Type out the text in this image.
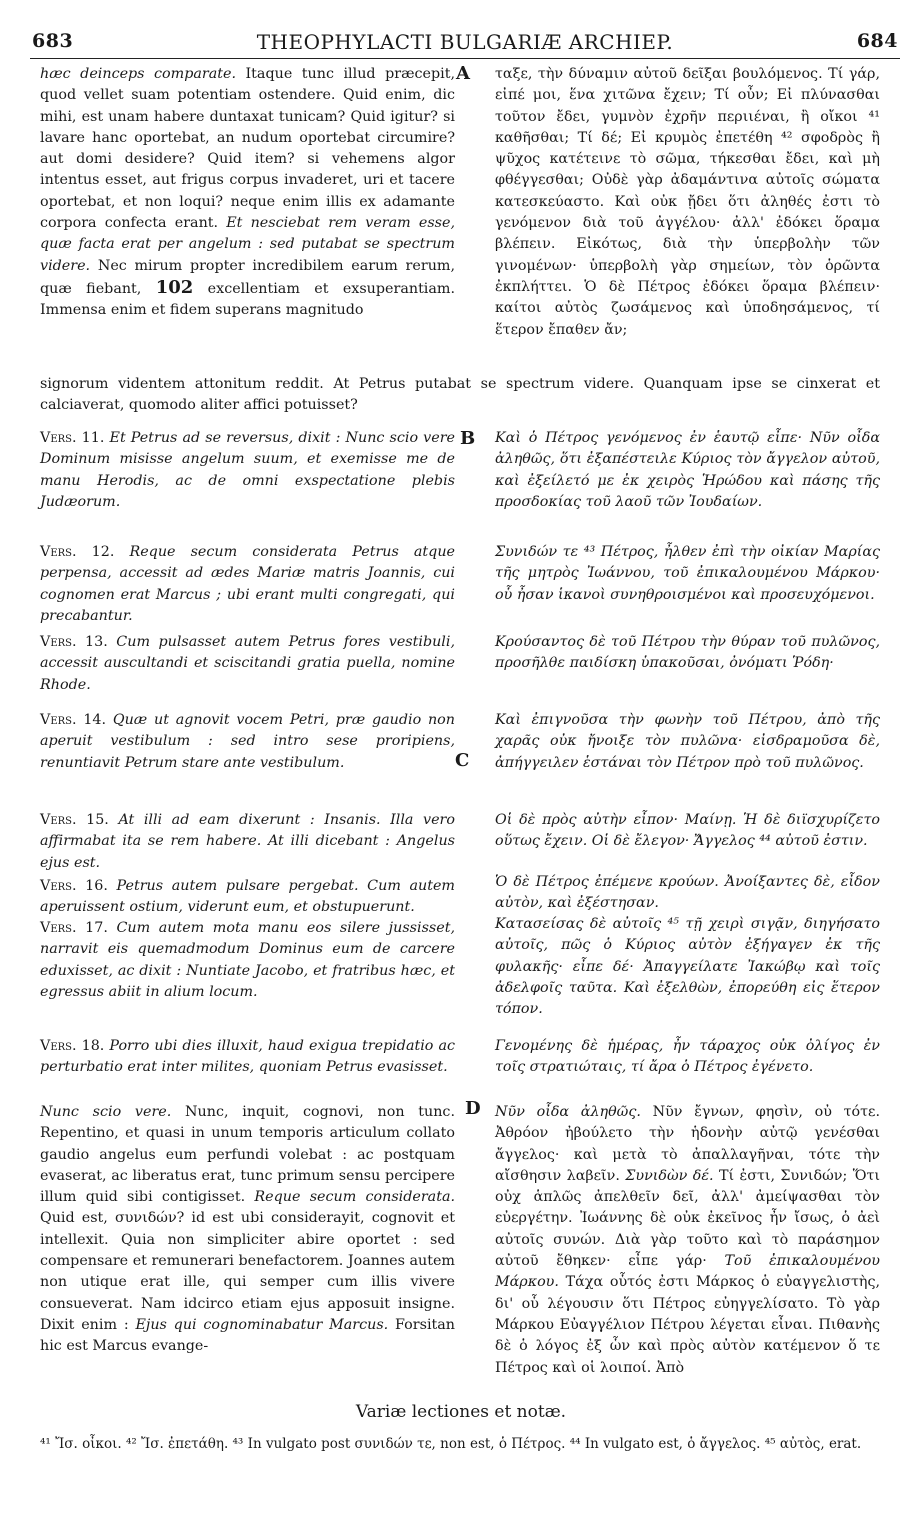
683	THEOPHYLACTI BULGARIÆ ARCHIEP.	684
A
B
C
D

hæc deinceps comparate. Itaque tunc illud præcepit, quod vellet suam potentiam ostendere. Quid enim, dic mihi, est unam habere duntaxat tunicam? Quid igitur? si lavare hanc oportebat, an nudum oportebat circumire? aut domi desidere? Quid item? si vehemens algor intentus esset, aut frigus corpus invaderet, uri et tacere oportebat, et non loqui? neque enim illis ex adamante corpora confecta erant. Et nesciebat rem veram esse, quæ facta erat per angelum : sed putabat se spectrum videre. Nec mirum propter incredibilem earum rerum, quæ fiebant, 102 excellentiam et exsuperantiam. Immensa enim et fidem superans magnitudo

ταξε, τὴν δύναμιν αὐτοῦ δεῖξαι βουλόμενος. Τί γάρ, εἰπέ μοι, ἕνα χιτῶνα ἔχειν; Τί οὖν; Εἰ πλύνασθαι τοῦτον ἔδει, γυμνὸν ἐχρῆν περιιέναι, ἢ οἴκοι ⁴¹ καθῆσθαι; Τί δέ; Εἰ κρυμὸς ἐπετέθη ⁴² σφοδρὸς ἢ ψῦχος κατέτεινε τὸ σῶμα, τήκεσθαι ἔδει, καὶ μὴ φθέγγεσθαι; Οὐδὲ γὰρ ἀδαμάντινα αὐτοῖς σώματα κατεσκεύαστο. Καὶ οὐκ ᾔδει ὅτι ἀληθές ἐστι τὸ γενόμενον διὰ τοῦ ἀγγέλου· ἀλλ' ἐδόκει ὅραμα βλέπειν. Εἰκότως, διὰ τὴν ὑπερβολὴν τῶν γινομένων· ὑπερβολὴ γὰρ σημείων, τὸν ὁρῶντα ἐκπλήττει. Ὁ δὲ Πέτρος ἐδόκει ὅραμα βλέπειν· καίτοι αὐτὸς ζωσάμενος καὶ ὑποδησάμενος, τί ἕτερον ἔπαθεν ἄν;

signorum videntem attonitum reddit. At Petrus putabat se spectrum videre. Quanquam ipse se cinxerat et calciaverat, quomodo aliter affici potuisset?

Vers. 11. Et Petrus ad se reversus, dixit : Nunc scio vere Dominum misisse angelum suum, et exemisse me de manu Herodis, ac de omni exspectatione plebis Judæorum.

Καὶ ὁ Πέτρος γενόμενος ἐν ἑαυτῷ εἶπε· Νῦν οἶδα ἀληθῶς, ὅτι ἐξαπέστειλε Κύριος τὸν ἄγγελον αὐτοῦ, καὶ ἐξείλετό με ἐκ χειρὸς Ἡρώδου καὶ πάσης τῆς προσδοκίας τοῦ λαοῦ τῶν Ἰουδαίων.

Vers. 12. Reque secum considerata Petrus atque perpensa, accessit ad ædes Mariæ matris Joannis, cui cognomen erat Marcus ; ubi erant multi congregati, qui precabantur.

Συνιδών τε ⁴³ Πέτρος, ἦλθεν ἐπὶ τὴν οἰκίαν Μαρίας τῆς μητρὸς Ἰωάννου, τοῦ ἐπικαλουμένου Μάρκου· οὗ ἦσαν ἱκανοὶ συνηθροισμένοι καὶ προσευχόμενοι.

Vers. 13. Cum pulsasset autem Petrus fores vestibuli, accessit auscultandi et sciscitandi gratia puella, nomine Rhode.

Κρούσαντος δὲ τοῦ Πέτρου τὴν θύραν τοῦ πυλῶνος, προσῆλθε παιδίσκη ὑπακοῦσαι, ὀνόματι Ῥόδη·

Vers. 14. Quæ ut agnovit vocem Petri, præ gaudio non aperuit vestibulum : sed intro sese proripiens, renuntiavit Petrum stare ante vestibulum.

Καὶ ἐπιγνοῦσα τὴν φωνὴν τοῦ Πέτρου, ἀπὸ τῆς χαρᾶς οὐκ ἤνοιξε τὸν πυλῶνα· εἰσδραμοῦσα δὲ, ἀπήγγειλεν ἑστάναι τὸν Πέτρον πρὸ τοῦ πυλῶνος.

Vers. 15. At illi ad eam dixerunt : Insanis. Illa vero affirmabat ita se rem habere. At illi dicebant : Angelus ejus est.

Οἱ δὲ πρὸς αὐτὴν εἶπον· Μαίνῃ. Ἡ δὲ διϊσχυρίζετο οὕτως ἔχειν. Οἱ δὲ ἔλεγον· Ἄγγελος ⁴⁴ αὐτοῦ ἐστιν.

Vers. 16. Petrus autem pulsare pergebat. Cum autem aperuissent ostium, viderunt eum, et obstupuerunt.

Ὁ δὲ Πέτρος ἐπέμενε κρούων. Ἀνοίξαντες δὲ, εἶδον αὐτὸν, καὶ ἐξέστησαν.

Vers. 17. Cum autem mota manu eos silere jussisset, narravit eis quemadmodum Dominus eum de carcere eduxisset, ac dixit : Nuntiate Jacobo, et fratribus hæc, et egressus abiit in alium locum.

Κατασείσας δὲ αὐτοῖς ⁴⁵ τῇ χειρὶ σιγᾷν, διηγήσατο αὐτοῖς, πῶς ὁ Κύριος αὐτὸν ἐξήγαγεν ἐκ τῆς φυλακῆς· εἶπε δέ· Ἀπαγγείλατε Ἰακώβῳ καὶ τοῖς ἀδελφοῖς ταῦτα. Καὶ ἐξελθὼν, ἐπορεύθη εἰς ἕτερον τόπον.

Vers. 18. Porro ubi dies illuxit, haud exigua trepidatio ac perturbatio erat inter milites, quoniam Petrus evasisset.

Γενομένης δὲ ἡμέρας, ἦν τάραχος οὐκ ὀλίγος ἐν τοῖς στρατιώταις, τί ἄρα ὁ Πέτρος ἐγένετο.

Nunc scio vere. Nunc, inquit, cognovi, non tunc. Repentino, et quasi in unum temporis articulum collato gaudio angelus eum perfundi volebat : ac postquam evaserat, ac liberatus erat, tunc primum sensu percipere illum quid sibi contigisset. Reque secum considerata. Quid est, συνιδών? id est ubi considerayit, cognovit et intellexit. Quia non simpliciter abire oportet : sed compensare et remunerari benefactorem. Joannes autem non utique erat ille, qui semper cum illis vivere consueverat. Nam idcirco etiam ejus apposuit insigne. Dixit enim : Ejus qui cognominabatur Marcus. Forsitan hic est Marcus evange-

Νῦν οἶδα ἀληθῶς. Νῦν ἔγνων, φησὶν, οὐ τότε. Ἀθρόον ἠβούλετο τὴν ἡδονὴν αὐτῷ γενέσθαι ἄγγελος· καὶ μετὰ τὸ ἀπαλλαγῆναι, τότε τὴν αἴσθησιν λαβεῖν. Συνιδὼν δέ. Τί ἐστι, Συνιδών; Ὅτι οὐχ ἁπλῶς ἀπελθεῖν δεῖ, ἀλλ' ἀμείψασθαι τὸν εὐεργέτην. Ἰωάννης δὲ οὐκ ἐκεῖνος ἦν ἴσως, ὁ ἀεὶ αὐτοῖς συνών. Διὰ γὰρ τοῦτο καὶ τὸ παράσημον αὐτοῦ ἔθηκεν· εἶπε γάρ· Τοῦ ἐπικαλουμένου Μάρκου. Τάχα οὗτός ἐστι Μάρκος ὁ εὐαγγελιστὴς, δι' οὗ λέγουσιν ὅτι Πέτρος εὐηγγελίσατο. Τὸ γὰρ Μάρκου Εὐαγγέλιον Πέτρου λέγεται εἶναι. Πιθανὴς δὲ ὁ λόγος ἐξ ὧν καὶ πρὸς αὐτὸν κατέμενον ὅ τε Πέτρος καὶ οἱ λοιποί. Ἀπὸ

Variæ lectiones et notæ.

⁴¹ Ἴσ. οἶκοι. ⁴² Ἴσ. ἐπετάθη. ⁴³ In vulgato post συνιδών τε, non est, ὁ Πέτρος. ⁴⁴ In vulgato est, ὁ ἄγγελος. ⁴⁵ αὐτὸς, erat.
